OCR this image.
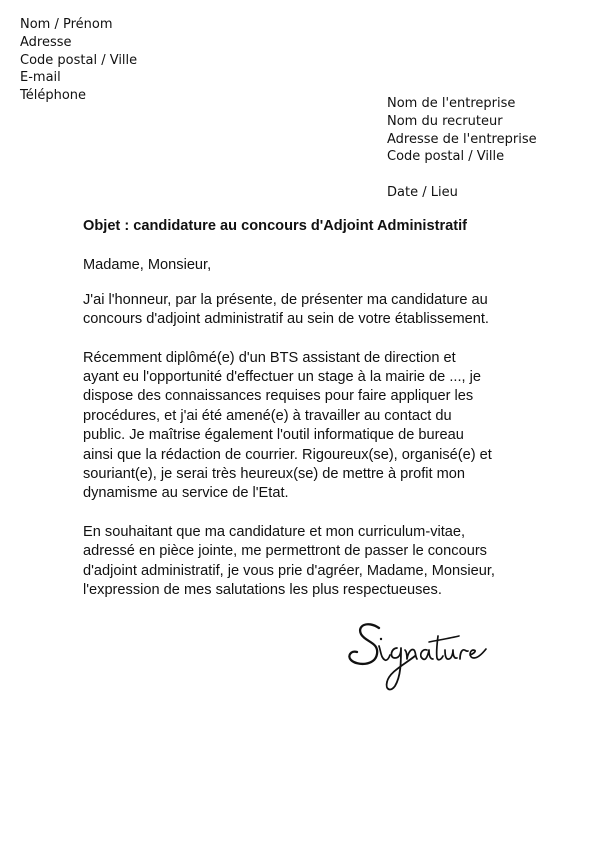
Nom / Prénom
Adresse
Code postal / Ville
E-mail
Téléphone
Nom de l'entreprise
Nom du recruteur
Adresse de l'entreprise
Code postal / Ville
Date / Lieu
Objet : candidature au concours d'Adjoint Administratif
Madame, Monsieur,
J'ai l'honneur, par la présente, de présenter ma candidature au
concours d'adjoint administratif au sein de votre établissement.
Récemment diplômé(e) d'un BTS assistant de direction et
ayant eu l'opportunité d'effectuer un stage à la mairie de ..., je
dispose des connaissances requises pour faire appliquer les
procédures, et j'ai été amené(e) à travailler au contact du
public. Je maîtrise également l'outil informatique de bureau
ainsi que la rédaction de courrier. Rigoureux(se), organisé(e) et
souriant(e), je serai très heureux(se) de mettre à profit mon
dynamisme au service de l'Etat.
En souhaitant que ma candidature et mon curriculum-vitae,
adressé en pièce jointe, me permettront de passer le concours
d'adjoint administratif, je vous prie d'agréer, Madame, Monsieur,
l'expression de mes salutations les plus respectueuses.
